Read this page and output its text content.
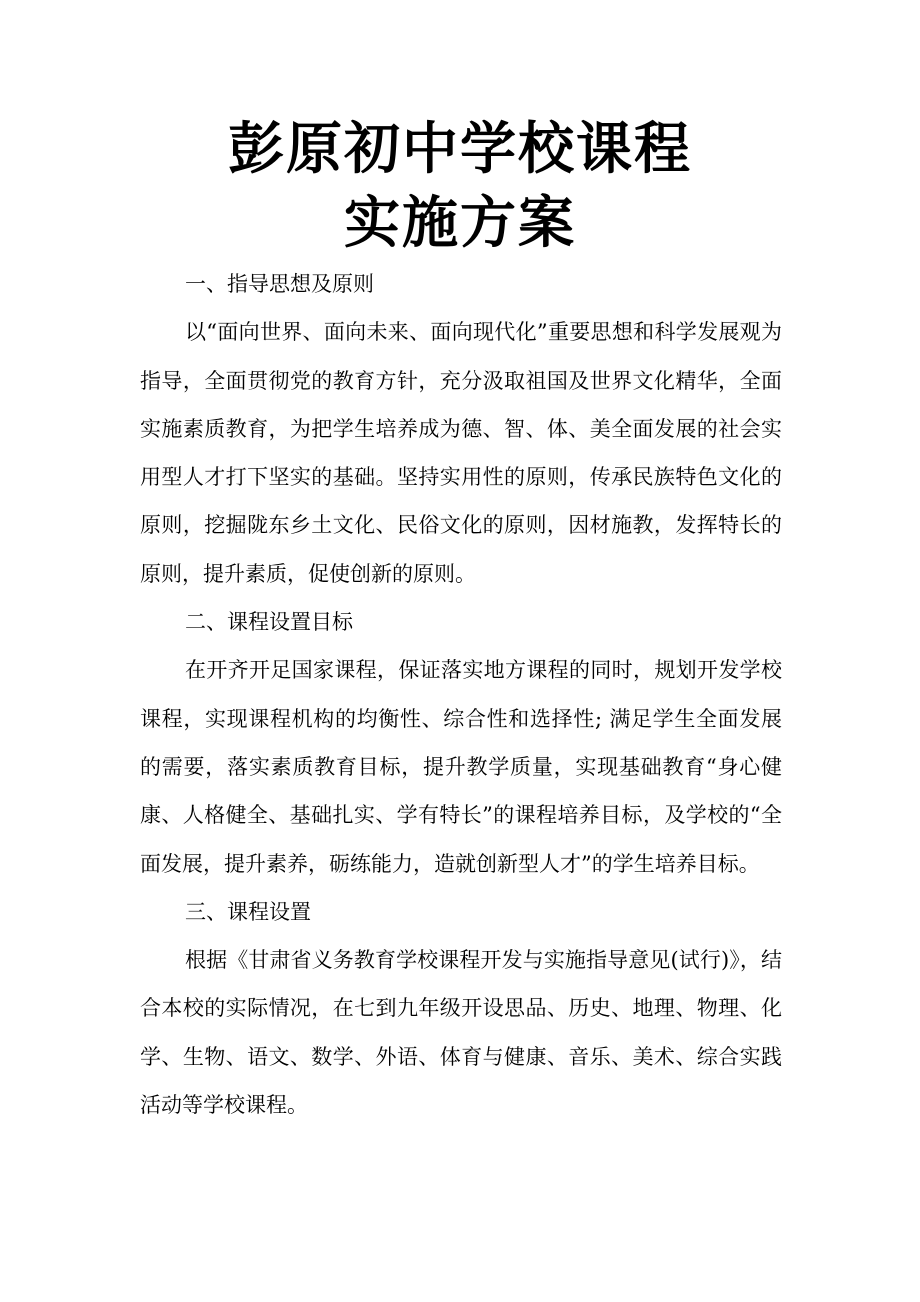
彭原初中学校课程
实施方案

一、指导思想及原则

以“面向世界、面向未来、面向现代化”重要思想和科学发展观为指导，全面贯彻党的教育方针，充分汲取祖国及世界文化精华，全面实施素质教育，为把学生培养成为德、智、体、美全面发展的社会实用型人才打下坚实的基础。坚持实用性的原则，传承民族特色文化的原则，挖掘陇东乡土文化、民俗文化的原则，因材施教，发挥特长的原则，提升素质，促使创新的原则。

二、课程设置目标

在开齐开足国家课程，保证落实地方课程的同时，规划开发学校课程，实现课程机构的均衡性、综合性和选择性; 满足学生全面发展的需要，落实素质教育目标，提升教学质量，实现基础教育“身心健康、人格健全、基础扎实、学有特长”的课程培养目标，及学校的“全面发展，提升素养，砺练能力，造就创新型人才”的学生培养目标。

三、课程设置

根据《甘肃省义务教育学校课程开发与实施指导意见(试行)》，结合本校的实际情况，在七到九年级开设思品、历史、地理、物理、化学、生物、语文、数学、外语、体育与健康、音乐、美术、综合实践活动等学校课程。
